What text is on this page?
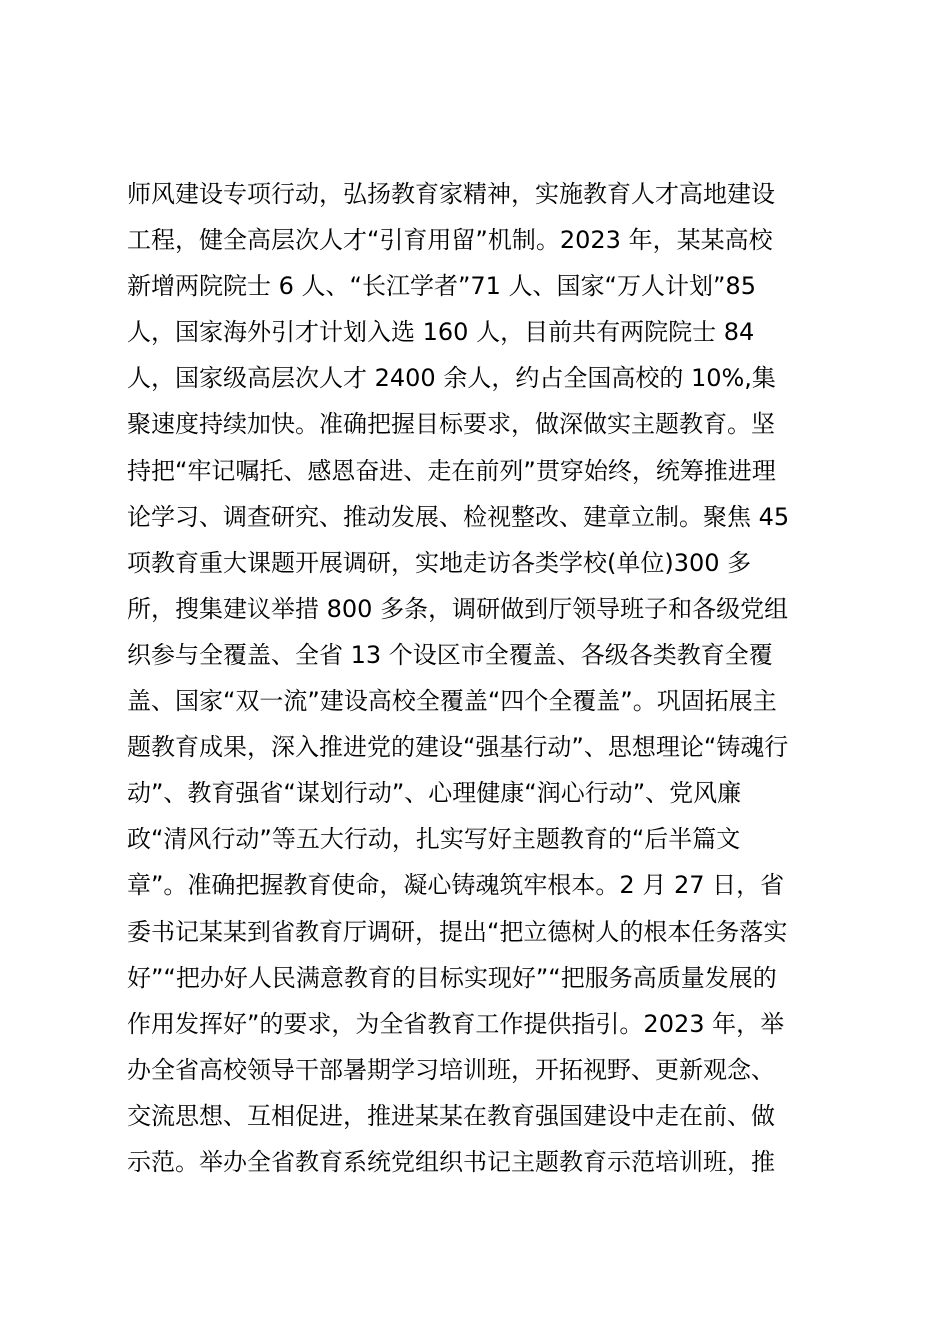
师风建设专项行动，弘扬教育家精神，实施教育人才高地建设
工程，健全高层次人才“引育用留”机制。2023 年，某某高校
新增两院院士 6 人、“长江学者”71 人、国家“万人计划”85
人，国家海外引才计划入选 160 人，目前共有两院院士 84
人，国家级高层次人才 2400 余人，约占全国高校的 10%,集
聚速度持续加快。准确把握目标要求，做深做实主题教育。坚
持把“牢记嘱托、感恩奋进、走在前列”贯穿始终，统筹推进理
论学习、调查研究、推动发展、检视整改、建章立制。聚焦 45
项教育重大课题开展调研，实地走访各类学校(单位)300 多
所，搜集建议举措 800 多条，调研做到厅领导班子和各级党组
织参与全覆盖、全省 13 个设区市全覆盖、各级各类教育全覆
盖、国家“双一流”建设高校全覆盖“四个全覆盖”。巩固拓展主
题教育成果，深入推进党的建设“强基行动”、思想理论“铸魂行
动”、教育强省“谋划行动”、心理健康“润心行动”、党风廉
政“清风行动”等五大行动，扎实写好主题教育的“后半篇文
章”。准确把握教育使命，凝心铸魂筑牢根本。2 月 27 日，省
委书记某某到省教育厅调研，提出“把立德树人的根本任务落实
好”“把办好人民满意教育的目标实现好”“把服务高质量发展的
作用发挥好”的要求，为全省教育工作提供指引。2023 年，举
办全省高校领导干部暑期学习培训班，开拓视野、更新观念、
交流思想、互相促进，推进某某在教育强国建设中走在前、做
示范。举办全省教育系统党组织书记主题教育示范培训班，推
